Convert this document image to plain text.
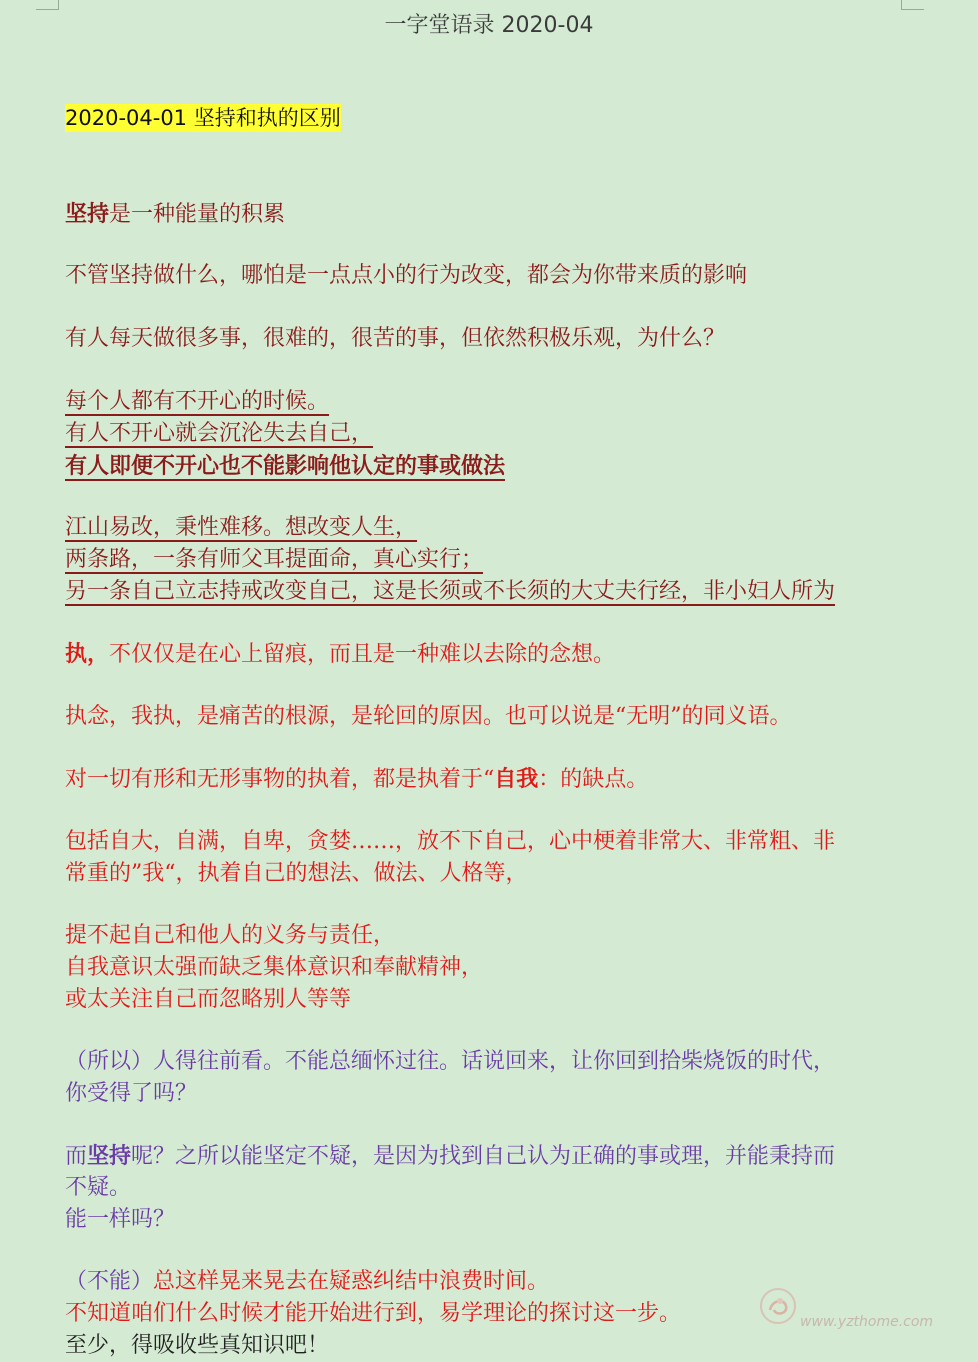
一字堂语录 2020-04
2020-04-01 坚持和执的区别
坚持是一种能量的积累
不管坚持做什么，哪怕是一点点小的行为改变，都会为你带来质的影响
有人每天做很多事，很难的，很苦的事，但依然积极乐观，为什么？
每个人都有不开心的时候。
有人不开心就会沉沦失去自己，
有人即便不开心也不能影响他认定的事或做法
江山易改，秉性难移。想改变人生，
两条路，一条有师父耳提面命，真心实行；
另一条自己立志持戒改变自己，这是长须或不长须的大丈夫行经，非小妇人所为
执，不仅仅是在心上留痕，而且是一种难以去除的念想。
执念，我执，是痛苦的根源，是轮回的原因。也可以说是“无明”的同义语。
对一切有形和无形事物的执着，都是执着于“自我：的缺点。
包括自大，自满，自卑，贪婪……，放不下自己，心中梗着非常大、非常粗、非
常重的”我“，执着自己的想法、做法、人格等，
提不起自己和他人的义务与责任，
自我意识太强而缺乏集体意识和奉献精神，
或太关注自己而忽略别人等等
（所以）人得往前看。不能总缅怀过往。话说回来，让你回到拾柴烧饭的时代，
你受得了吗？
而坚持呢？之所以能坚定不疑，是因为找到自己认为正确的事或理，并能秉持而
不疑。
能一样吗？
（不能）总这样晃来晃去在疑惑纠结中浪费时间。
不知道咱们什么时候才能开始进行到，易学理论的探讨这一步。
至少，得吸收些真知识吧！
www.yzthome.com
